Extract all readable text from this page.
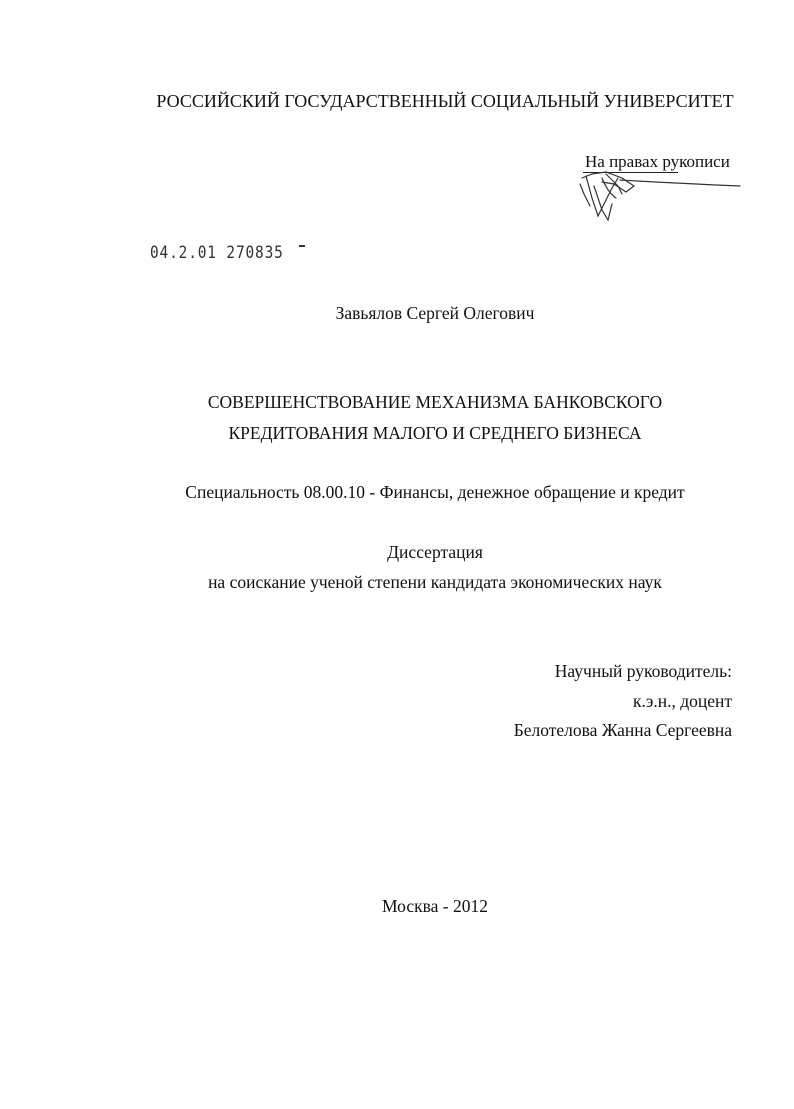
РОССИЙСКИЙ ГОСУДАРСТВЕННЫЙ СОЦИАЛЬНЫЙ УНИВЕРСИТЕТ
На правах рукописи
04.2.01 270835
Завьялов Сергей Олегович
СОВЕРШЕНСТВОВАНИЕ МЕХАНИЗМА БАНКОВСКОГО
КРЕДИТОВАНИЯ МАЛОГО И СРЕДНЕГО БИЗНЕСА
Специальность 08.00.10 - Финансы, денежное обращение и кредит
Диссертация
на соискание ученой степени кандидата экономических наук
Научный руководитель:
к.э.н., доцент
Белотелова Жанна Сергеевна
Москва - 2012
